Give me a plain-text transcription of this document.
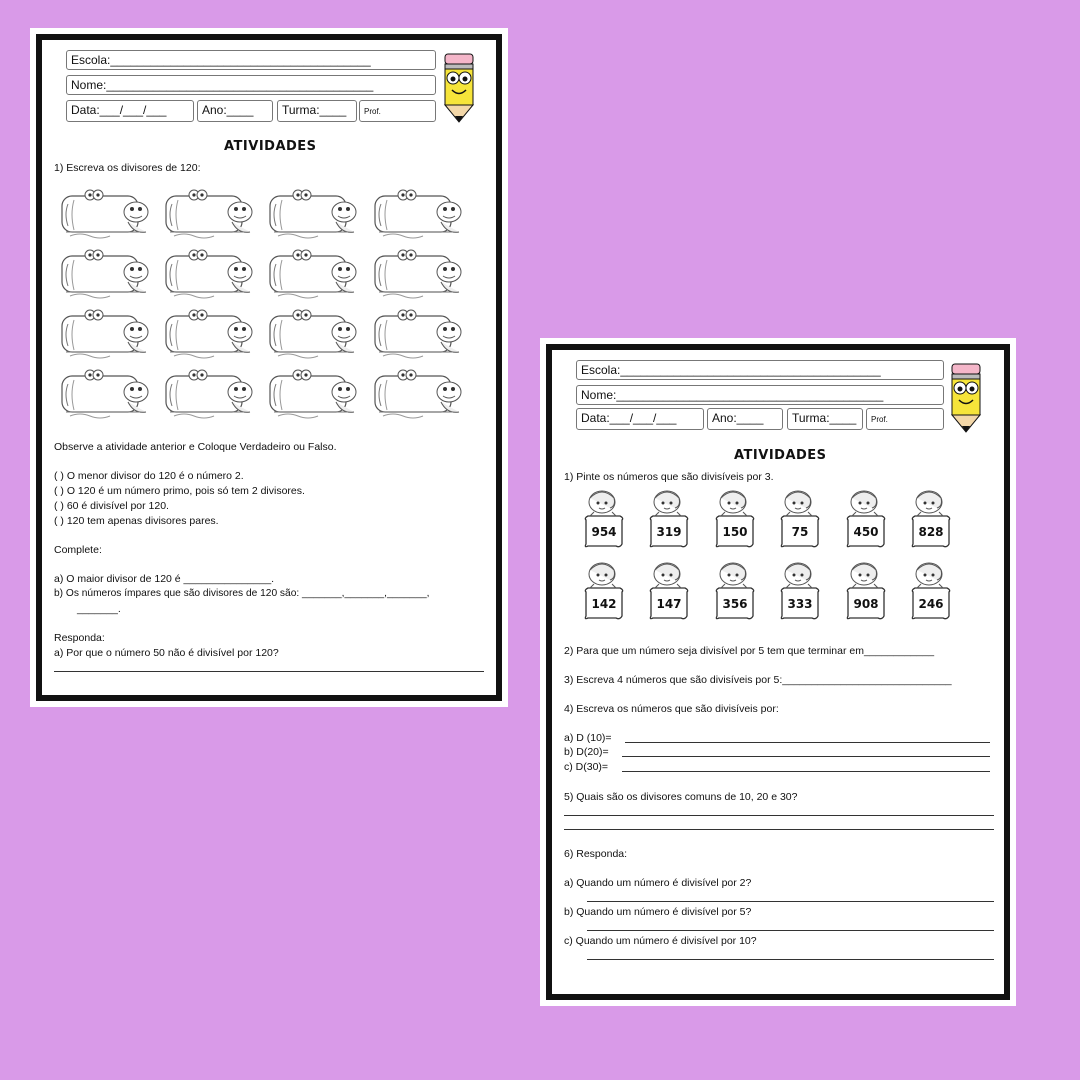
Escola:_______________________________________
Nome:________________________________________
Data:___/___/___	Ano:____	Turma:____	Prof.
ATIVIDADES
1) Escreva os divisores de 120:
Observe a atividade anterior e Coloque Verdadeiro ou Falso.
( ) O menor divisor do 120 é o número 2.
( ) O 120 é um número primo, pois só tem 2 divisores.
( ) 60 é divisível por 120.
( ) 120 tem apenas divisores pares.
Complete:
a) O maior divisor de 120 é _______________.
b) Os números ímpares que são divisores de 120 são: _______,_______,_______,
_______.
Responda:
a) Por que o número 50 não é divisível por 120?
Escola:_______________________________________
Nome:________________________________________
Data:___/___/___	Ano:____	Turma:____	Prof.
ATIVIDADES
1) Pinte os números que são divisíveis por 3.
2) Para que um número seja divisível por 5 tem que terminar em____________
3) Escreva 4 números que são divisíveis por 5:_____________________________
4) Escreva os números que são divisíveis por:
a) D (10)=
b) D(20)=
c) D(30)=
5) Quais são os divisores comuns de 10, 20 e 30?
6) Responda:
a) Quando um número é divisível por 2?
b) Quando um número é divisível por 5?
c) Quando um número é divisível por 10?
954	319	150	75	450	828
142	147	356	333	908	246
